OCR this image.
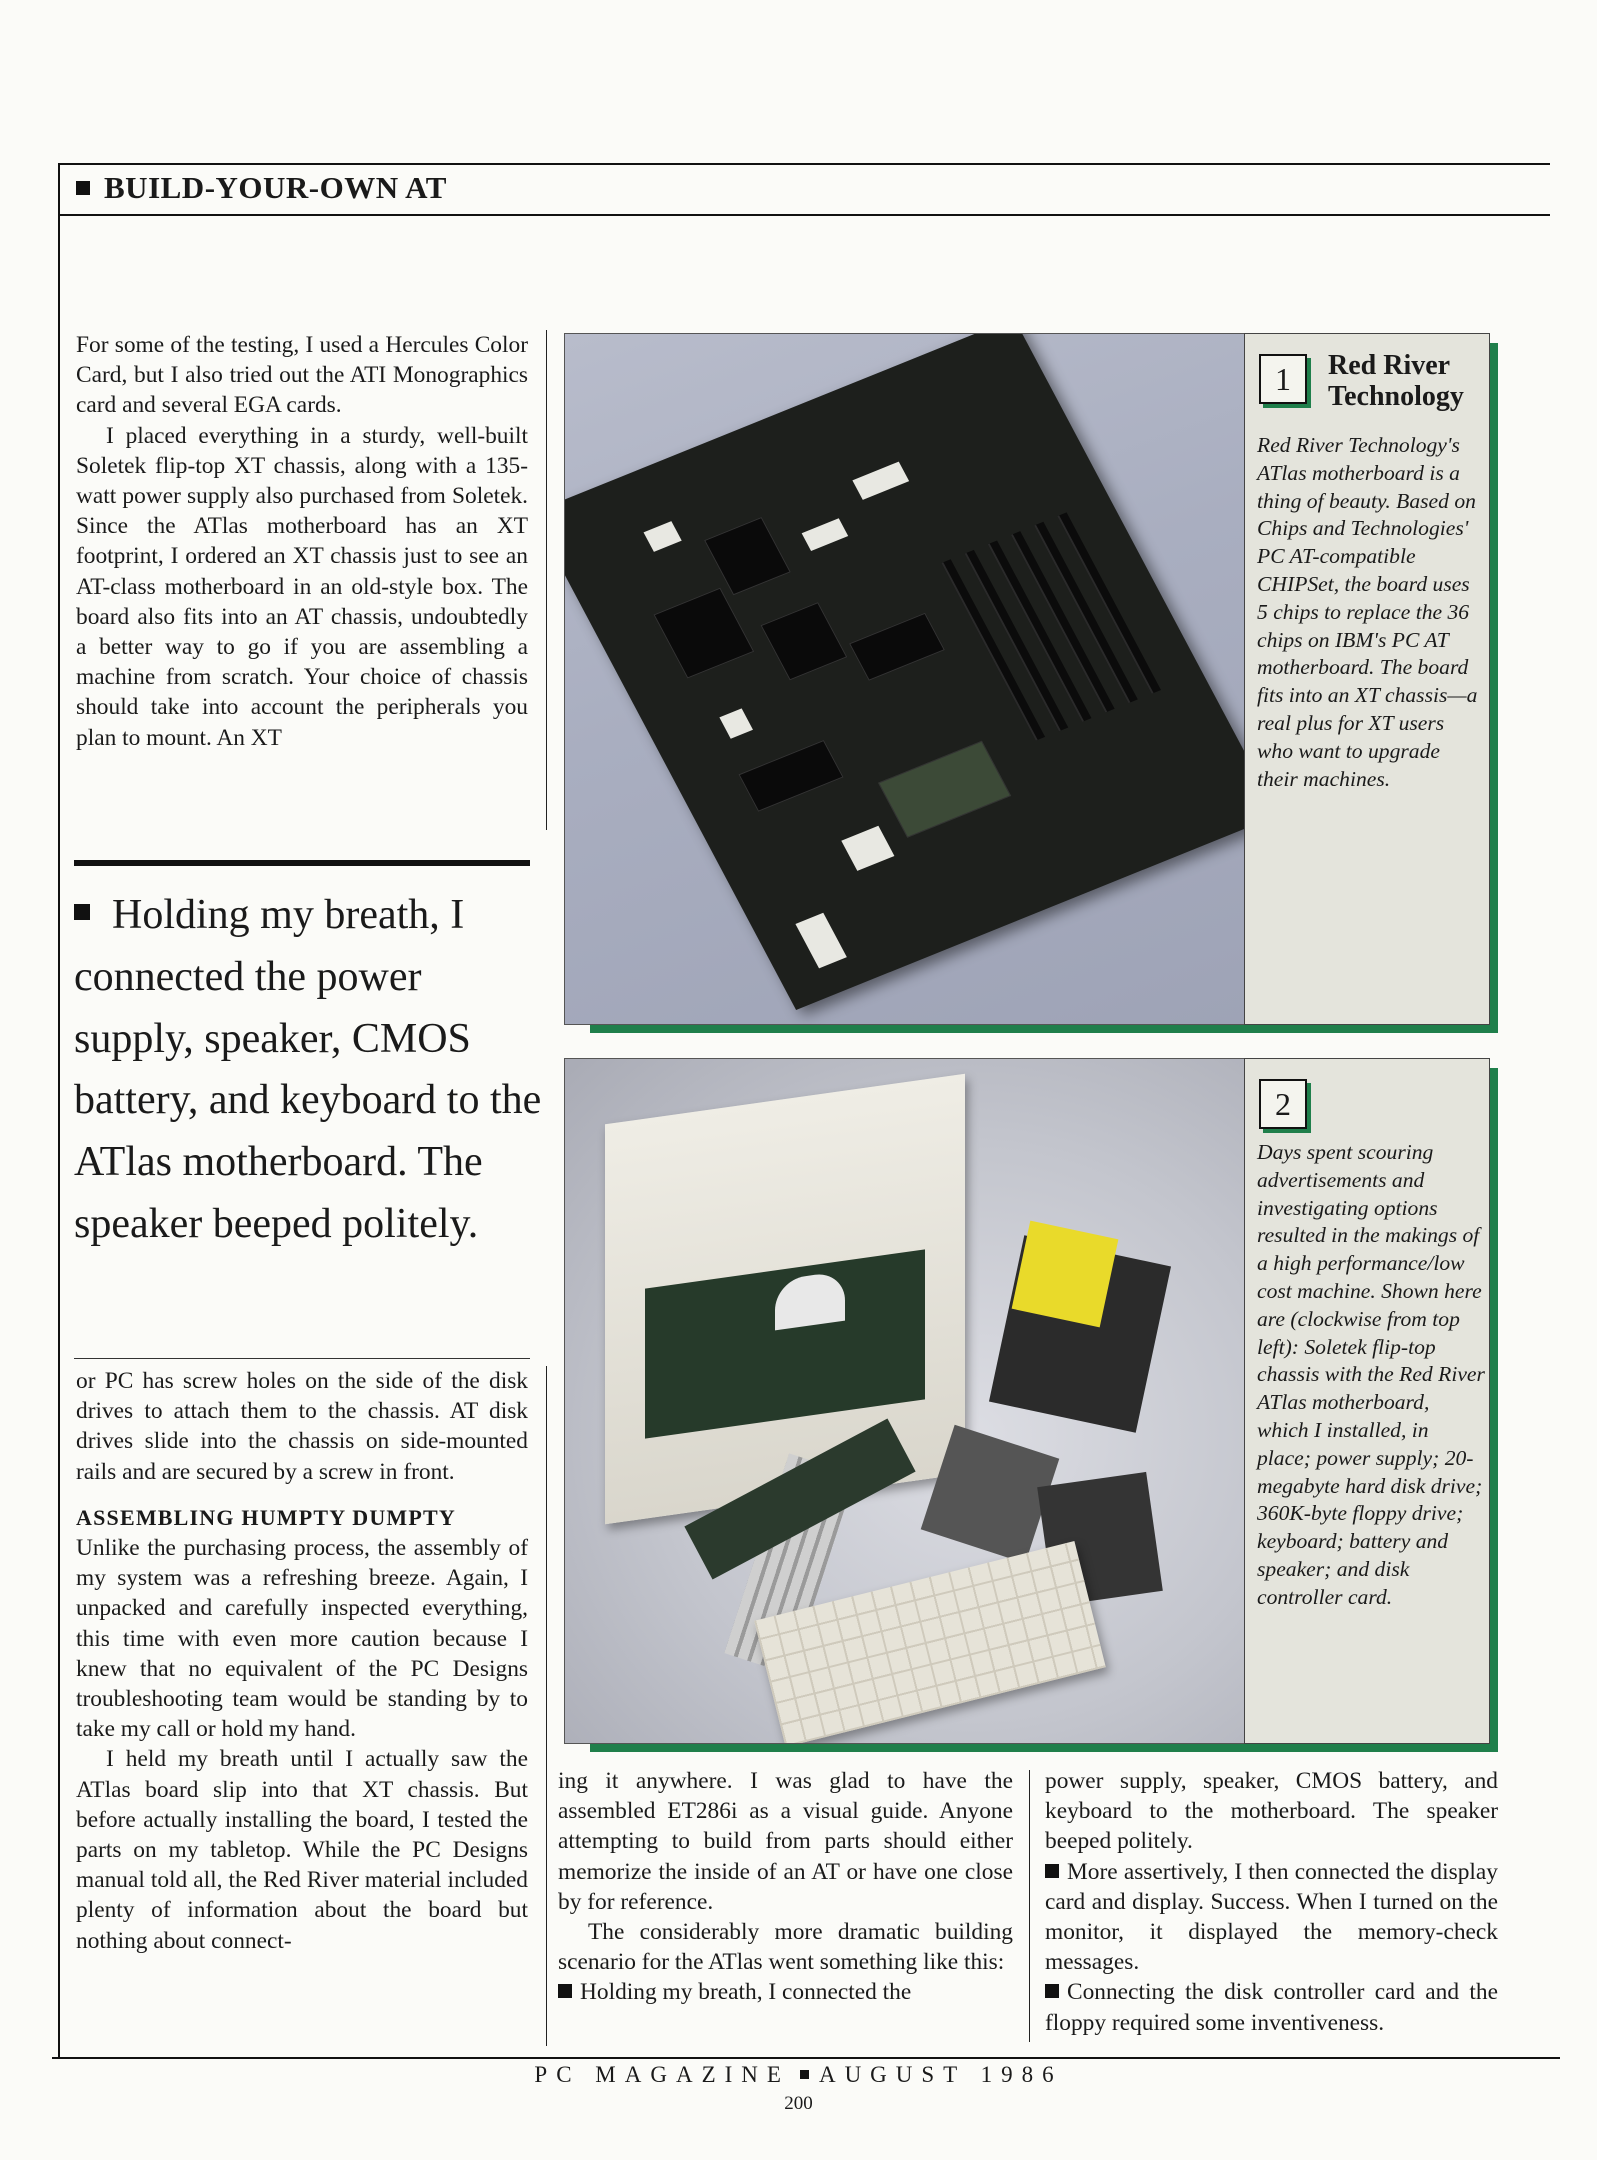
BUILD-YOUR-OWN AT

For some of the testing, I used a Hercules Color Card, but I also tried out the ATI Monographics card and several EGA cards.

I placed everything in a sturdy, well-built Soletek flip-top XT chassis, along with a 135-watt power supply also purchased from Soletek. Since the ATlas motherboard has an XT footprint, I ordered an XT chassis just to see an AT-class motherboard in an old-style box. The board also fits into an AT chassis, undoubtedly a better way to go if you are assembling a machine from scratch. Your choice of chassis should take into account the peripherals you plan to mount. An XT

Holding my breath, I connected the power supply, speaker, CMOS battery, and keyboard to the ATlas motherboard. The speaker beeped politely.

or PC has screw holes on the side of the disk drives to attach them to the chassis. AT disk drives slide into the chassis on side-mounted rails and are secured by a screw in front.

ASSEMBLING HUMPTY DUMPTY

Unlike the purchasing process, the assembly of my system was a refreshing breeze. Again, I unpacked and carefully inspected everything, this time with even more caution because I knew that no equivalent of the PC Designs troubleshooting team would be standing by to take my call or hold my hand.

I held my breath until I actually saw the ATlas board slip into that XT chassis. But before actually installing the board, I tested the parts on my tabletop. While the PC Designs manual told all, the Red River material included plenty of information about the board but nothing about connect-

1	Red River Technology
Red River Technology's ATlas motherboard is a thing of beauty. Based on Chips and Technologies' PC AT-compatible CHIPSet, the board uses 5 chips to replace the 36 chips on IBM's PC AT motherboard. The board fits into an XT chassis—a real plus for XT users who want to upgrade their machines.
2
Days spent scouring advertisements and investigating options resulted in the makings of a high performance/low cost machine. Shown here are (clockwise from top left): Soletek flip-top chassis with the Red River ATlas motherboard, which I installed, in place; power supply; 20-megabyte hard disk drive; 360K-byte floppy drive; keyboard; battery and speaker; and disk controller card.

ing it anywhere. I was glad to have the assembled ET286i as a visual guide. Anyone attempting to build from parts should either memorize the inside of an AT or have one close by for reference.

The considerably more dramatic building scenario for the ATlas went something like this:

Holding my breath, I connected the

power supply, speaker, CMOS battery, and keyboard to the motherboard. The speaker beeped politely.

More assertively, I then connected the display card and display. Success. When I turned on the monitor, it displayed the memory-check messages.

Connecting the disk controller card and the floppy required some inventiveness.

PC MAGAZINE AUGUST 1986
200
